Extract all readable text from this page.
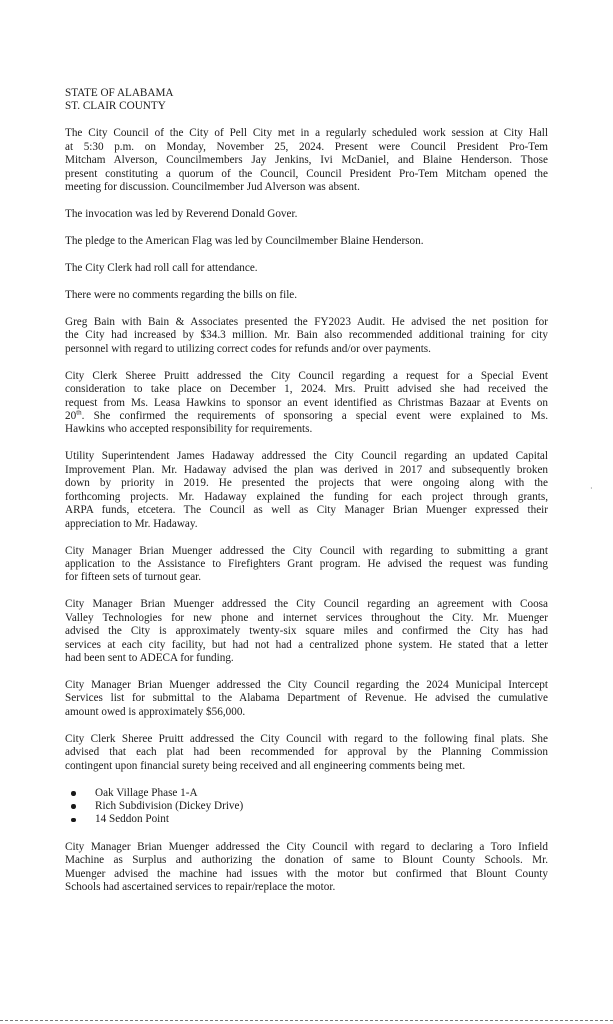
STATE OF ALABAMA

ST. CLAIR COUNTY

The City Council of the City of Pell City met in a regularly scheduled work session at City Hall
at 5:30 p.m. on Monday, November 25, 2024. Present were Council President Pro-Tem
Mitcham Alverson, Councilmembers Jay Jenkins, Ivi McDaniel, and Blaine Henderson. Those
present constituting a quorum of the Council, Council President Pro-Tem Mitcham opened the
meeting for discussion. Councilmember Jud Alverson was absent.
The invocation was led by Reverend Donald Gover.
The pledge to the American Flag was led by Councilmember Blaine Henderson.
The City Clerk had roll call for attendance.
There were no comments regarding the bills on file.
Greg Bain with Bain & Associates presented the FY2023 Audit. He advised the net position for
the City had increased by $34.3 million. Mr. Bain also recommended additional training for city
personnel with regard to utilizing correct codes for refunds and/or over payments.
City Clerk Sheree Pruitt addressed the City Council regarding a request for a Special Event
consideration to take place on December 1, 2024. Mrs. Pruitt advised she had received the
request from Ms. Leasa Hawkins to sponsor an event identified as Christmas Bazaar at Events on
20th. She confirmed the requirements of sponsoring a special event were explained to Ms.
Hawkins who accepted responsibility for requirements.
Utility Superintendent James Hadaway addressed the City Council regarding an updated Capital
Improvement Plan. Mr. Hadaway advised the plan was derived in 2017 and subsequently broken
down by priority in 2019. He presented the projects that were ongoing along with the
forthcoming projects. Mr. Hadaway explained the funding for each project through grants,
ARPA funds, etcetera. The Council as well as City Manager Brian Muenger expressed their
appreciation to Mr. Hadaway.
City Manager Brian Muenger addressed the City Council with regarding to submitting a grant
application to the Assistance to Firefighters Grant program. He advised the request was funding
for fifteen sets of turnout gear.
City Manager Brian Muenger addressed the City Council regarding an agreement with Coosa
Valley Technologies for new phone and internet services throughout the City. Mr. Muenger
advised the City is approximately twenty-six square miles and confirmed the City has had
services at each city facility, but had not had a centralized phone system. He stated that a letter
had been sent to ADECA for funding.
City Manager Brian Muenger addressed the City Council regarding the 2024 Municipal Intercept
Services list for submittal to the Alabama Department of Revenue. He advised the cumulative
amount owed is approximately $56,000.
City Clerk Sheree Pruitt addressed the City Council with regard to the following final plats. She
advised that each plat had been recommended for approval by the Planning Commission
contingent upon financial surety being received and all engineering comments being met.
Oak Village Phase 1-A
Rich Subdivision (Dickey Drive)
14 Seddon Point
City Manager Brian Muenger addressed the City Council with regard to declaring a Toro Infield
Machine as Surplus and authorizing the donation of same to Blount County Schools. Mr.
Muenger advised the machine had issues with the motor but confirmed that Blount County
Schools had ascertained services to repair/replace the motor.
·
